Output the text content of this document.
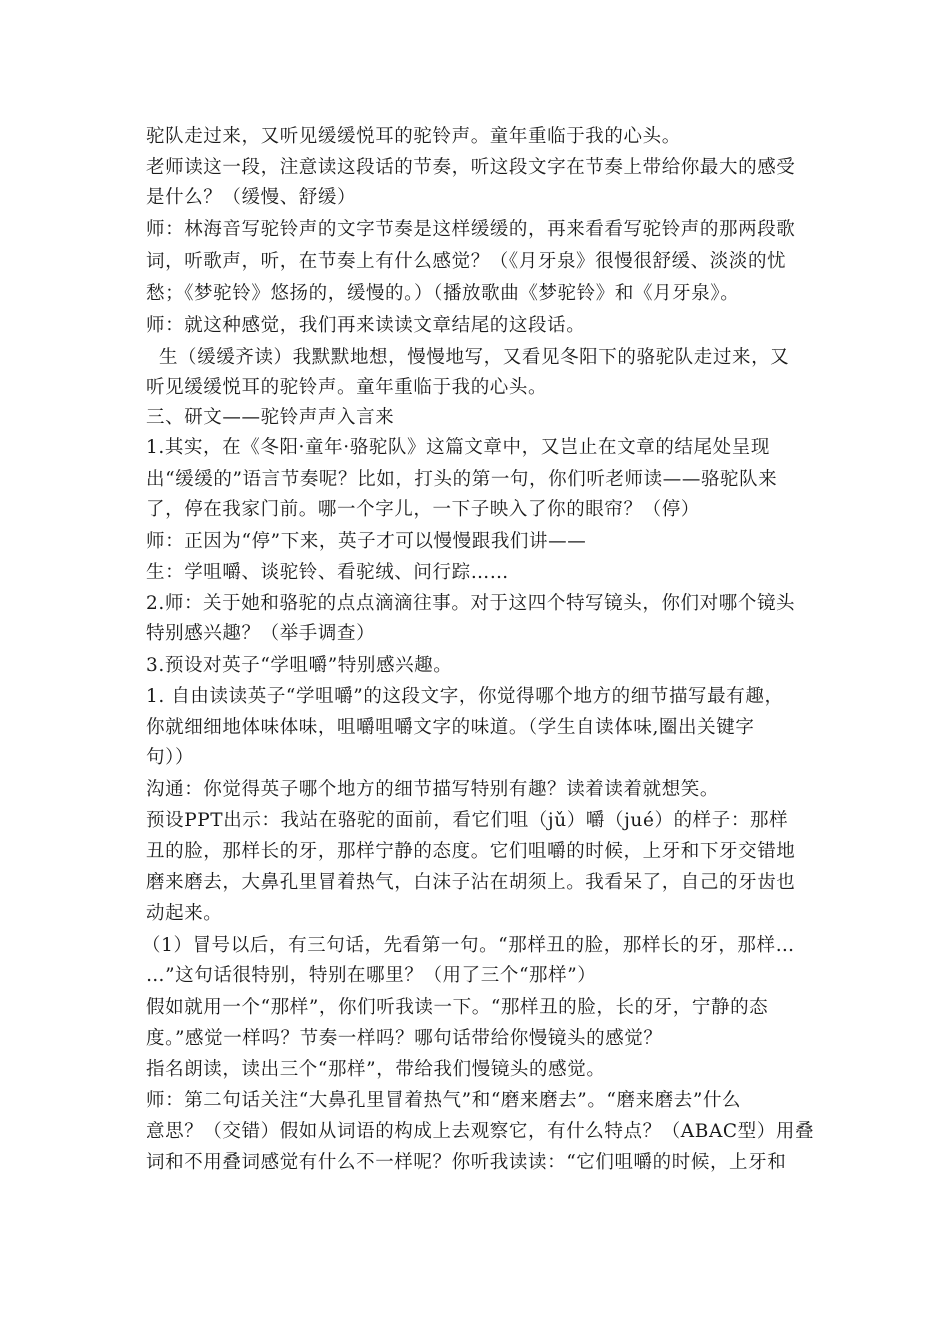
驼队走过来，又听见缓缓悦耳的驼铃声。童年重临于我的心头。
老师读这一段，注意读这段话的节奏，听这段文字在节奏上带给你最大的感受
是什么？（缓慢、舒缓）
师：林海音写驼铃声的文字节奏是这样缓缓的，再来看看写驼铃声的那两段歌
词，听歌声，听，在节奏上有什么感觉？（《月牙泉》很慢很舒缓、淡淡的忧
愁；《梦驼铃》悠扬的，缓慢的。）（播放歌曲《梦驼铃》和《月牙泉》。
师：就这种感觉，我们再来读读文章结尾的这段话。
生（缓缓齐读）我默默地想，慢慢地写，又看见冬阳下的骆驼队走过来，又
听见缓缓悦耳的驼铃声。童年重临于我的心头。
三、研文——驼铃声声入言来
1.其实，在《冬阳·童年·骆驼队》这篇文章中，又岂止在文章的结尾处呈现
出“缓缓的”语言节奏呢？比如，打头的第一句，你们听老师读——骆驼队来
了，停在我家门前。哪一个字儿，一下子映入了你的眼帘？（停）
师：正因为“停”下来，英子才可以慢慢跟我们讲——
生：学咀嚼、谈驼铃、看驼绒、问行踪……
2.师：关于她和骆驼的点点滴滴往事。对于这四个特写镜头，你们对哪个镜头
特别感兴趣？（举手调查）
3.预设对英子“学咀嚼”特别感兴趣。
1. 自由读读英子“学咀嚼”的这段文字，你觉得哪个地方的细节描写最有趣，
你就细细地体味体味，咀嚼咀嚼文字的味道。（学生自读体味,圈出关键字
句））
沟通：你觉得英子哪个地方的细节描写特别有趣？读着读着就想笑。
预设PPT出示：我站在骆驼的面前，看它们咀（jǔ）嚼（jué）的样子：那样
丑的脸，那样长的牙，那样宁静的态度。它们咀嚼的时候，上牙和下牙交错地
磨来磨去，大鼻孔里冒着热气，白沫子沾在胡须上。我看呆了，自己的牙齿也
动起来。
（1）冒号以后，有三句话，先看第一句。“那样丑的脸，那样长的牙，那样…
…”这句话很特别，特别在哪里？（用了三个“那样”）
假如就用一个“那样”，你们听我读一下。“那样丑的脸，长的牙，宁静的态
度。”感觉一样吗？节奏一样吗？哪句话带给你慢镜头的感觉？
指名朗读，读出三个“那样”，带给我们慢镜头的感觉。
师：第二句话关注“大鼻孔里冒着热气”和“磨来磨去”。“磨来磨去”什么
意思？（交错）假如从词语的构成上去观察它，有什么特点？（ABAC型）用叠
词和不用叠词感觉有什么不一样呢？你听我读读：“它们咀嚼的时候，上牙和
